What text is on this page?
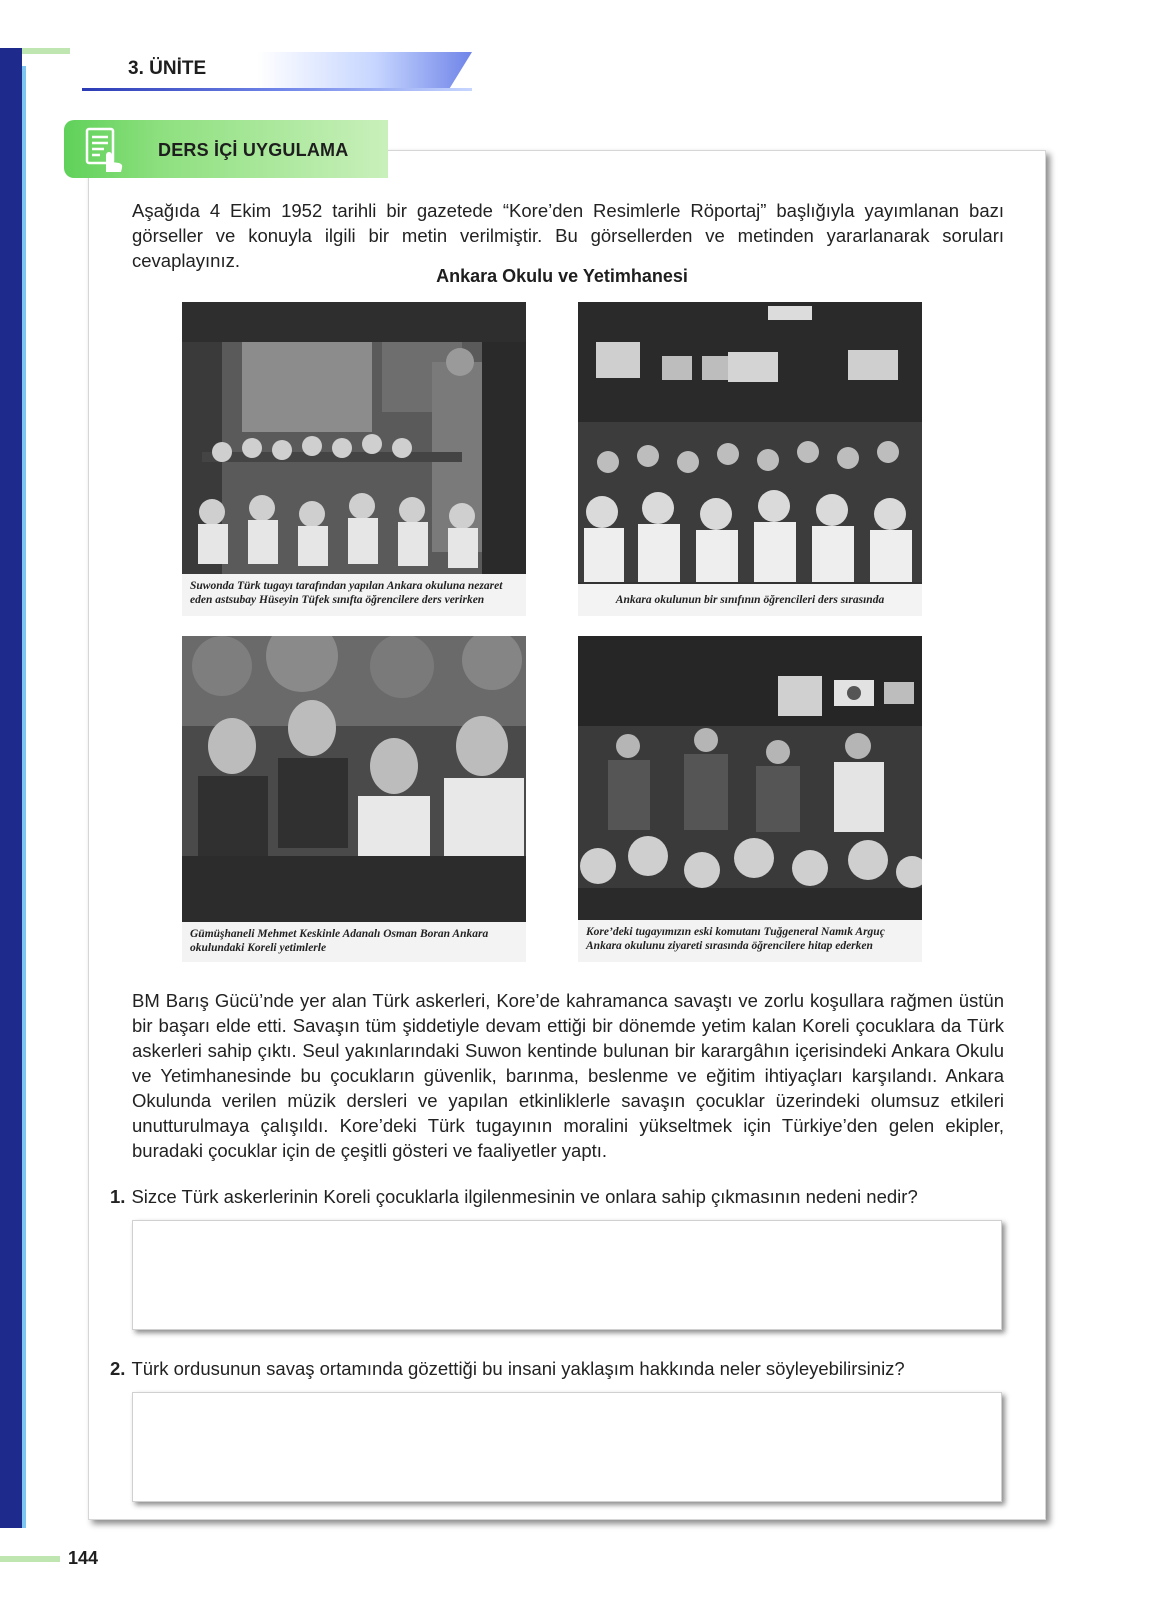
3. ÜNİTE
DERS İÇİ UYGULAMA
Aşağıda 4 Ekim 1952 tarihli bir gazetede “Kore’den Resimlerle Röportaj” başlığıyla yayımlanan bazı görseller ve konuyla ilgili bir metin verilmiştir. Bu görsellerden ve metinden yararlanarak soruları cevaplayınız.
Ankara Okulu ve Yetimhanesi
Suwonda Türk tugayı tarafından yapılan Ankara okuluna nezaret eden astsubay Hüseyin Tüfek sınıfta öğrencilere ders verirken	Ankara okulunun bir sınıfının öğrencileri ders sırasında
Gümüşhaneli Mehmet Keskinle Adanalı Osman Boran Ankara okulundaki Koreli yetimlerle
Kore’deki tugayımızın eski komutanı Tuğgeneral Namık Arguç Ankara okulunu ziyareti sırasında öğrencilere hitap ederken
BM Barış Gücü’nde yer alan Türk askerleri, Kore’de kahramanca savaştı ve zorlu koşullara rağmen üstün bir başarı elde etti. Savaşın tüm şiddetiyle devam ettiği bir dönemde yetim kalan Koreli çocuklara da Türk askerleri sahip çıktı. Seul yakınlarındaki Suwon kentinde bulunan bir karargâhın içerisindeki Ankara Okulu ve Yetimhanesinde bu çocukların güvenlik, barınma, beslenme ve eğitim ihtiyaçları karşılandı. Ankara Okulunda verilen müzik dersleri ve yapılan etkinliklerle savaşın çocuklar üzerindeki olumsuz etkileri unutturulmaya çalışıldı. Kore’deki Türk tugayının moralini yükseltmek için Türkiye’den gelen ekipler, buradaki çocuklar için de çeşitli gösteri ve faaliyetler yaptı.
1. Sizce Türk askerlerinin Koreli çocuklarla ilgilenmesinin ve onlara sahip çıkmasının nedeni nedir?
2. Türk ordusunun savaş ortamında gözettiği bu insani yaklaşım hakkında neler söyleyebilirsiniz?
144
